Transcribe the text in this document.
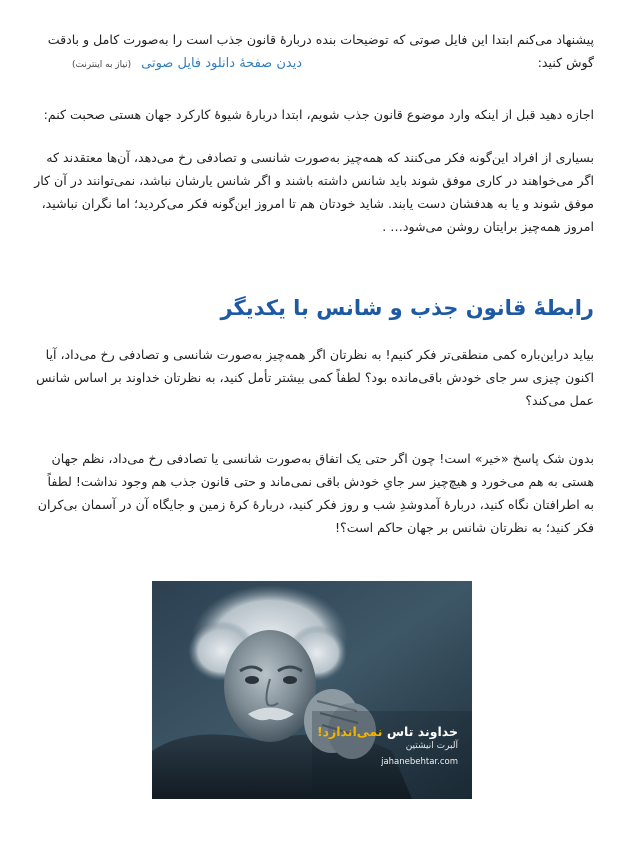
پیشنهاد می‌کنم ابتدا این فایل صوتی که توضیحات بنده دربارهٔ قانون جذب است را به‌صورت کامل و بادقت
گوش کنید:
دیدن صفحهٔ دانلود فایل صوتی
(نیاز به اینترنت)

اجازه دهید قبل از اینکه وارد موضوع قانون جذب شویم، ابتدا دربارهٔ شیوهٔ کارکرد جهان هستی صحبت کنم:

بسیاری از افراد این‌گونه فکر می‌کنند که همه‌چیز به‌صورت شانسی و تصادفی رخ می‌دهد، آن‌ها معتقدند که
اگر می‌خواهند در کاری موفق شوند باید شانس داشته باشند و اگر شانس یارشان نباشد، نمی‌توانند در آن کار
موفق شوند و یا به هدفشان دست یابند. شاید خودتان هم تا امروز این‌گونه فکر می‌کردید؛ اما نگران نباشید،
امروز همه‌چیز برایتان روشن می‌شود… .
رابطهٔ قانون جذب و شانس با یکدیگر
بیاید دراین‌باره کمی منطقی‌تر فکر کنیم! به نظرتان اگر همه‌چیز به‌صورت شانسی و تصادفی رخ می‌داد، آیا
اکنون چیزی سر جای خودش باقی‌مانده بود؟ لطفاً کمی بیشتر تأمل کنید، به نظرتان خداوند بر اساس شانس
عمل می‌کند؟
بدون شک پاسخ «خیر» است! چون اگر حتی یک اتفاق به‌صورت شانسی یا تصادفی رخ می‌داد، نظم جهان
هستی به هم می‌خورد و هیچ‌چیز سر جایِ خودش باقی نمی‌ماند و حتی قانون جذب هم وجود نداشت! لطفاً
به اطرافتان نگاه کنید، دربارهٔ آمدوشدِ شب و روز فکر کنید، دربارهٔ کرهٔ زمین و جایگاه آن در آسمان بی‌کران
فکر کنید؛ به نظرتان شانس بر جهان حاکم است؟!
خداوند تاس نمی‌اندازد!
آلبرت انیشتین
jahanebehtar.com
